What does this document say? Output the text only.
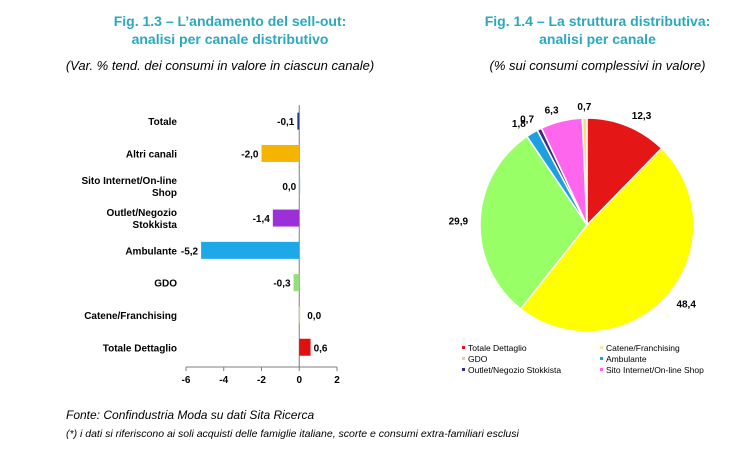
Fig. 1.3 – L’andamento del sell-out:
analisi per canale distributivo
(Var. % tend. dei consumi in valore in ciascun canale)
Fig. 1.4 – La struttura distributiva:
analisi per canale
(% sui consumi complessivi in valore)
-6	-4	-2	0	2
Totale	-0,1
Altri canali	-2,0
Sito Internet/On-line
Shop
0,0
Outlet/Negozio
Stokkista
-1,4
Ambulante -5,2
GDO	-0,3
Catene/Franchising	0,0
Totale Dettaglio	0,6
12,3
48,4
29,9
1,8
0,7
6,3 0,7
Totale Dettaglio	Catene/Franchising
GDO	Ambulante
Outlet/Negozio Stokkista	Sito Internet/On-line Shop
Fonte: Confindustria Moda su dati Sita Ricerca
(*) i dati si riferiscono ai soli acquisti delle famiglie italiane, scorte e consumi extra-familiari esclusi
